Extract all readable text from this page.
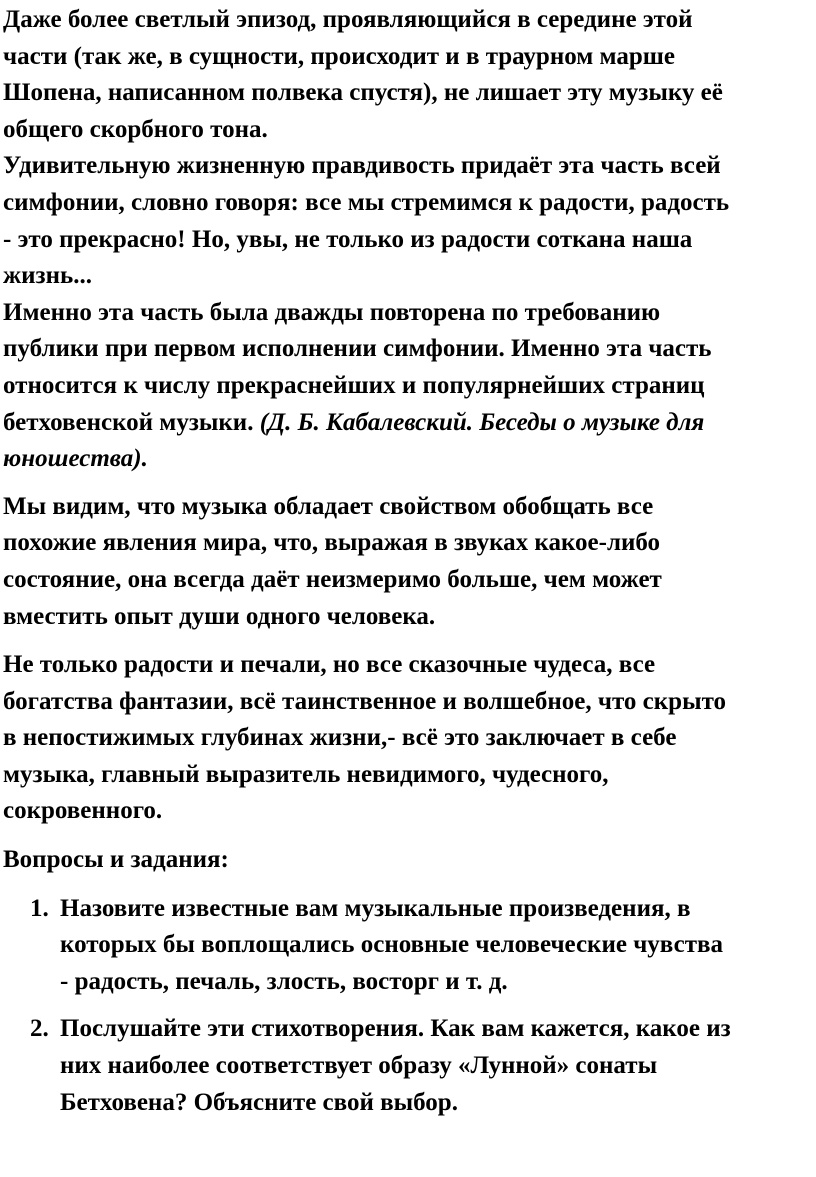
Даже более светлый эпизод, проявляющийся в середине этой
части (так же, в сущности, происходит и в траурном марше
Шопена, написанном полвека спустя), не лишает эту музыку её
общего скорбного тона.

Удивительную жизненную правдивость придаёт эта часть всей
симфонии, словно говоря: все мы стремимся к радости, радость
- это прекрасно! Но, увы, не только из радости соткана наша
жизнь...

Именно эта часть была дважды повторена по требованию
публики при первом исполнении симфонии. Именно эта часть
относится к числу прекраснейших и популярнейших страниц
бетховенской музыки. (Д. Б. Кабалевский. Беседы о музыке для
юношества).

Мы видим, что музыка обладает свойством обобщать все
похожие явления мира, что, выражая в звуках какое-либо
состояние, она всегда даёт неизмеримо больше, чем может
вместить опыт души одного человека.

Не только радости и печали, но все сказочные чудеса, все
богатства фантазии, всё таинственное и волшебное, что скрыто
в непостижимых глубинах жизни,- всё это заключает в себе
музыка, главный выразитель невидимого, чудесного,
сокровенного.

Вопросы и задания:

1. Назовите известные вам музыкальные произведения, в
которых бы воплощались основные человеческие чувства
- радость, печаль, злость, восторг и т. д.
2. Послушайте эти стихотворения. Как вам кажется, какое из
них наиболее соответствует образу «Лунной» сонаты
Бетховена? Объясните свой выбор.
